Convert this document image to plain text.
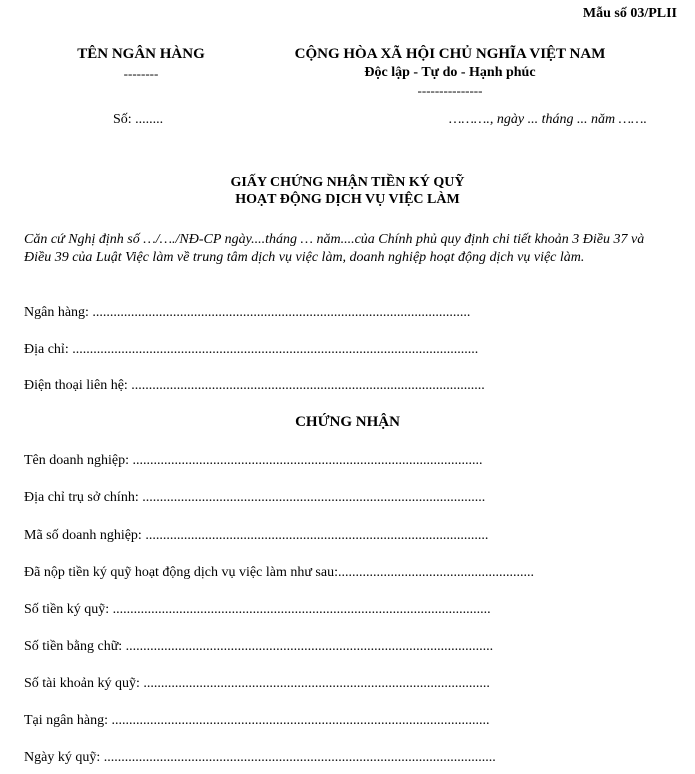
Mẫu số 03/PLII
TÊN NGÂN HÀNG
--------
CỘNG HÒA XÃ HỘI CHỦ NGHĨA VIỆT NAM
Độc lập - Tự do - Hạnh phúc
---------------
Số: ........	………., ngày ... tháng ... năm …….
GIẤY CHỨNG NHẬN TIỀN KÝ QUỸ
HOẠT ĐỘNG DỊCH VỤ VIỆC LÀM
Căn cứ Nghị định số …/…./NĐ-CP ngày....tháng … năm....của Chính phủ quy định chi tiết khoản 3 Điều 37 và Điều 39 của Luật Việc làm về trung tâm dịch vụ việc làm, doanh nghiệp hoạt động dịch vụ việc làm.
Ngân hàng: ............................................................................................................
Địa chỉ: ....................................................................................................................
Điện thoại liên hệ: .....................................................................................................
CHỨNG NHẬN
Tên doanh nghiệp: ....................................................................................................
Địa chỉ trụ sở chính: ..................................................................................................
Mã số doanh nghiệp: ..................................................................................................
Đã nộp tiền ký quỹ hoạt động dịch vụ việc làm như sau:........................................................
Số tiền ký quỹ: ............................................................................................................
Số tiền bằng chữ: .........................................................................................................
Số tài khoản ký quỹ: ...................................................................................................
Tại ngân hàng: ............................................................................................................
Ngày ký quỹ: ................................................................................................................
